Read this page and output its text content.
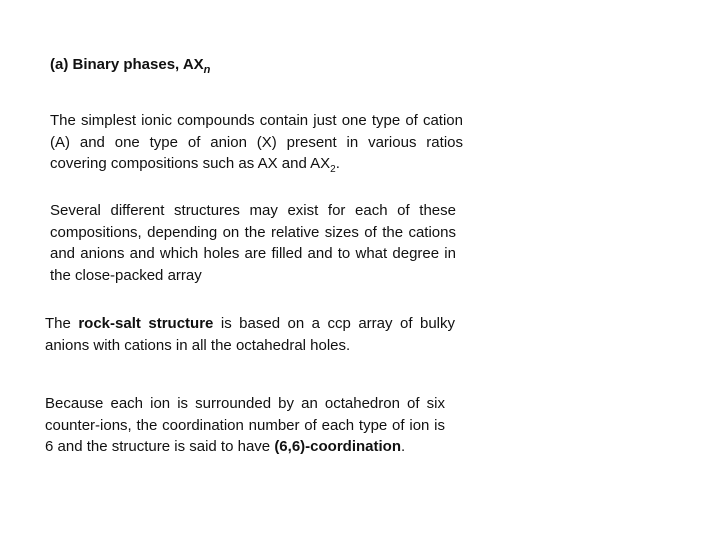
(a) Binary phases, $AX_n$
The simplest ionic compounds contain just one type of cation (A) and one type of anion (X) present in various ratios covering compositions such as AX and $AX_2$.
Several different structures may exist for each of these compositions, depending on the relative sizes of the cations and anions and which holes are filled and to what degree in the close-packed array
The rock-salt structure is based on a ccp array of bulky anions with cations in all the octahedral holes.
Because each ion is surrounded by an octahedron of six counter-ions, the coordination number of each type of ion is 6 and the structure is said to have (6,6)-coordination.
